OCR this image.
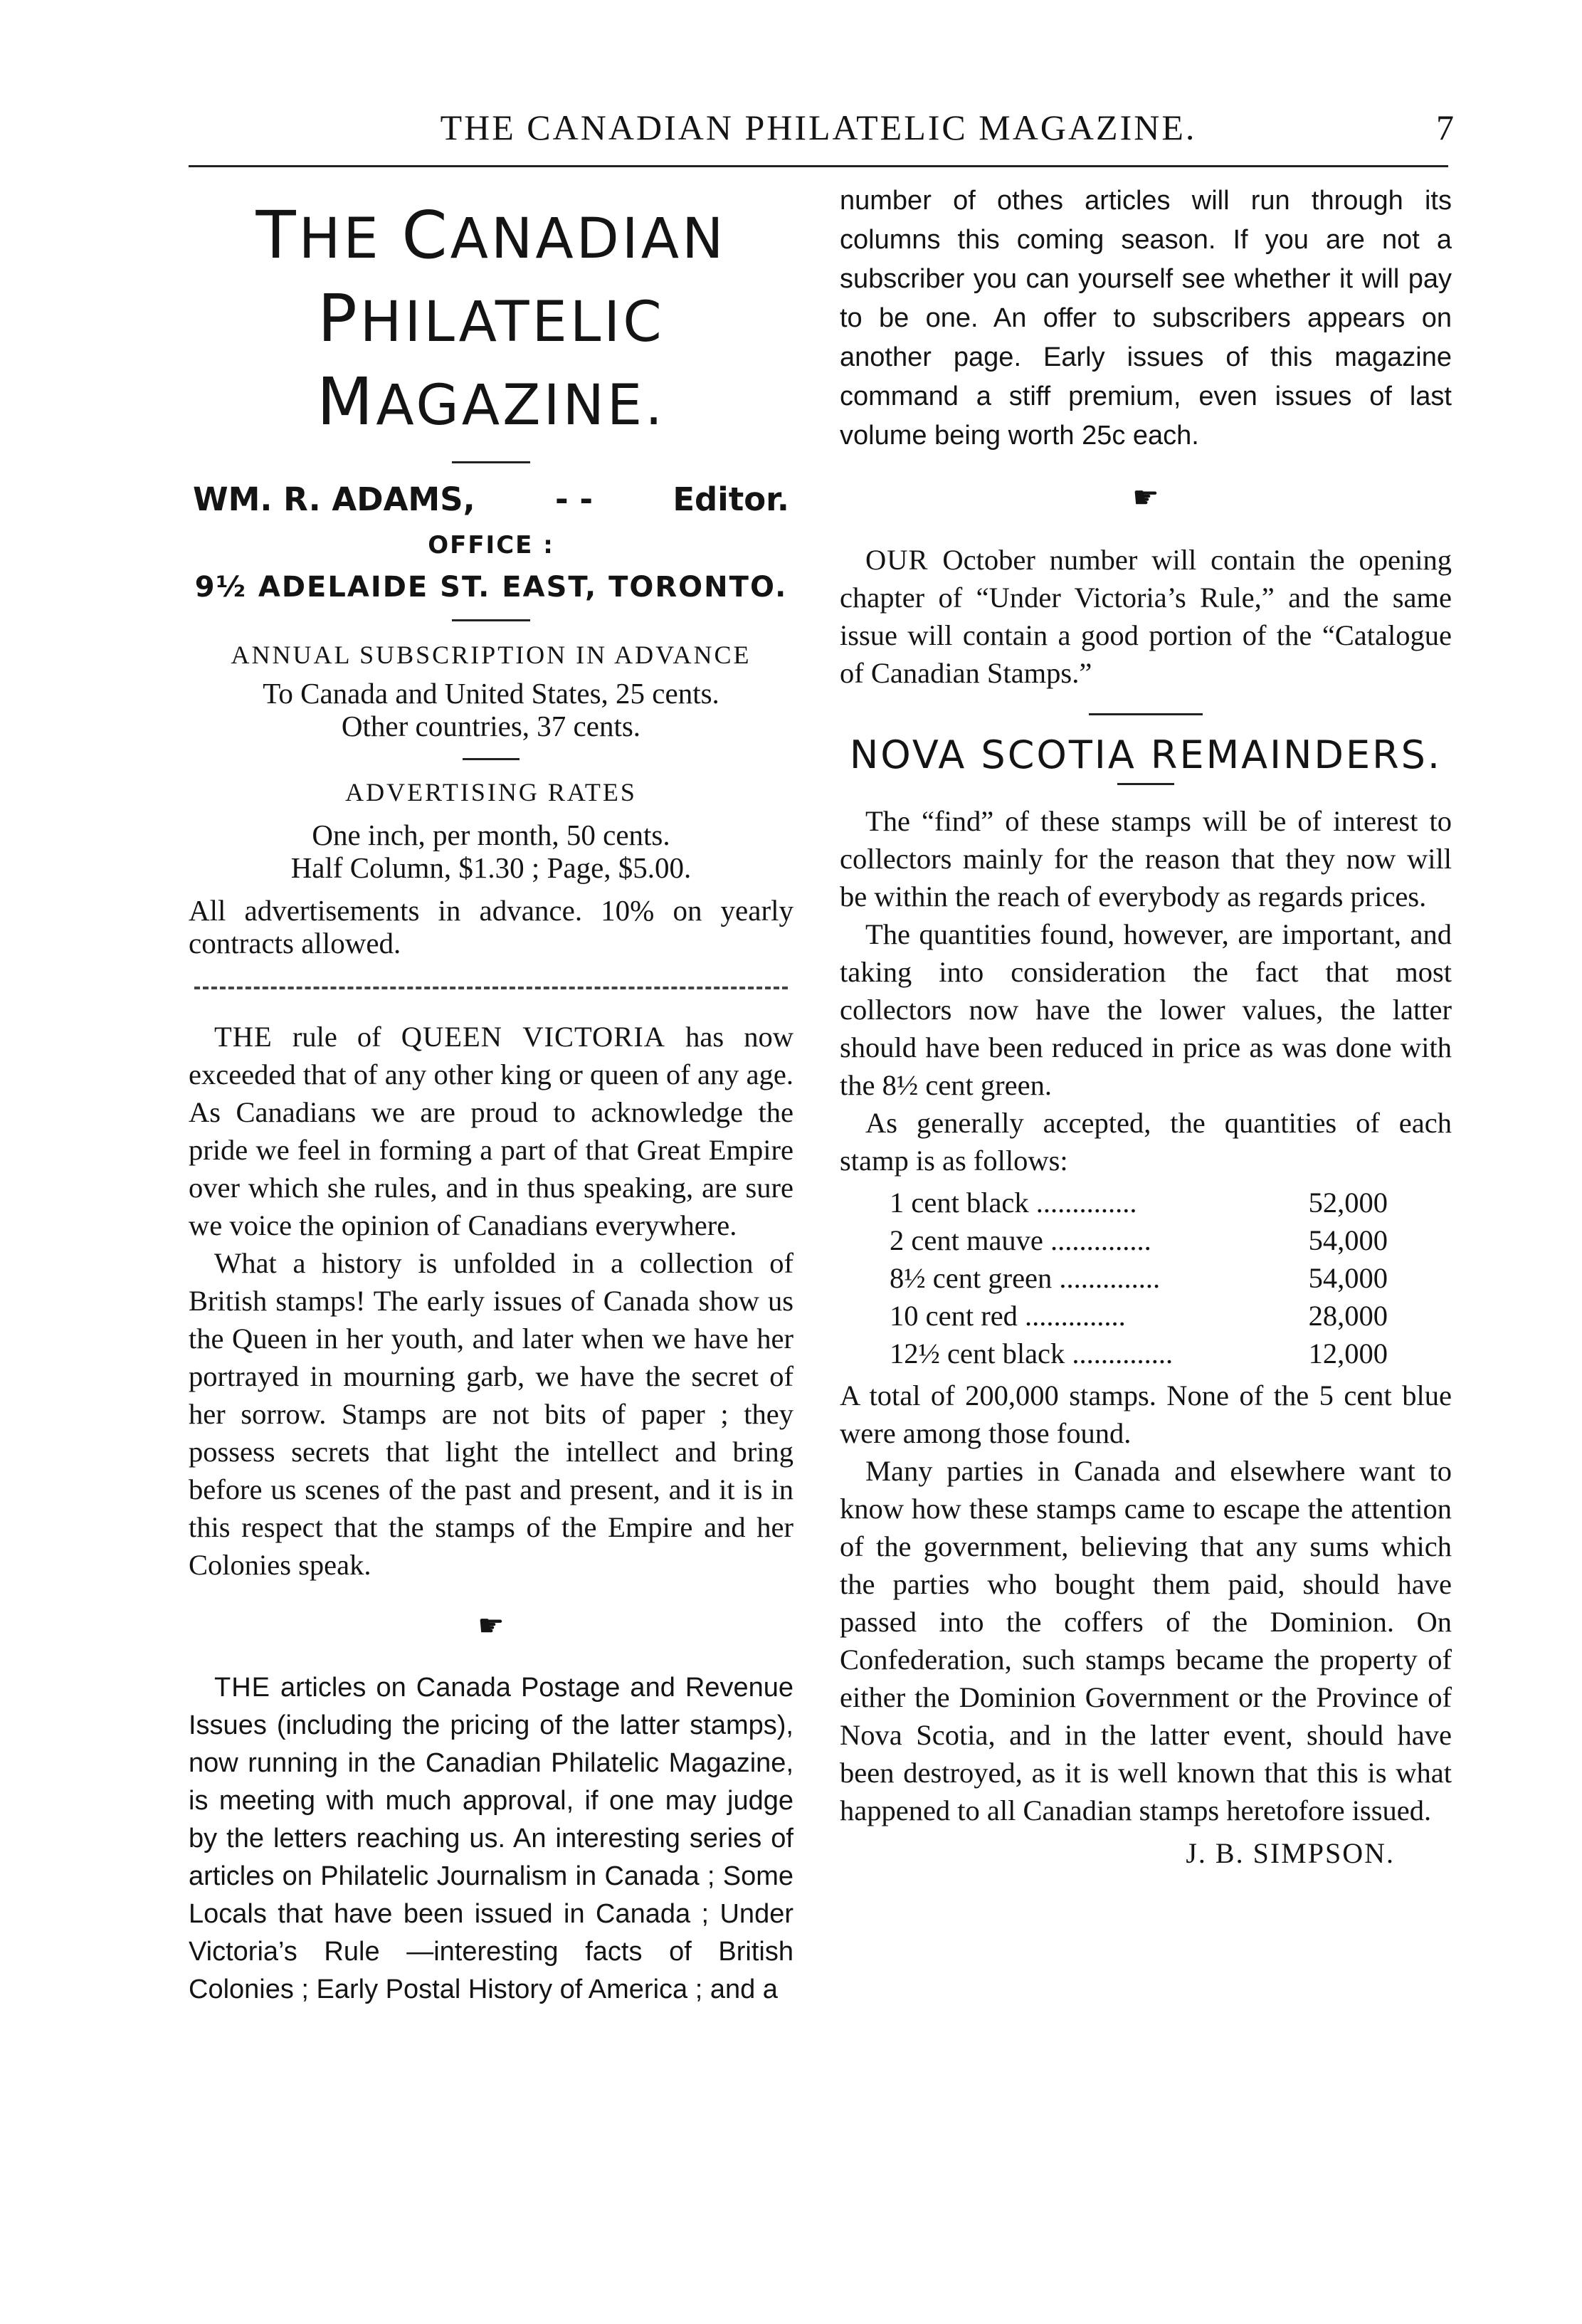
THE CANADIAN PHILATELIC MAGAZINE.	7
THE CANADIAN
PHILATELIC MAGAZINE.
WM. R. ADAMS, - - Editor.
OFFICE :
9½ ADELAIDE ST. EAST, TORONTO.
ANNUAL SUBSCRIPTION IN ADVANCE
To Canada and United States, 25 cents.
Other countries, 37 cents.
ADVERTISING RATES
One inch, per month, 50 cents.
Half Column, $1.30 ; Page, $5.00.
All advertisements in advance. 10% on yearly contracts allowed.

THE rule of QUEEN VICTORIA has now exceeded that of any other king or queen of any age. As Canadians we are proud to acknowledge the pride we feel in forming a part of that Great Empire over which she rules, and in thus speaking, are sure we voice the opinion of Canadians everywhere.

What a history is unfolded in a collection of British stamps! The early issues of Canada show us the Queen in her youth, and later when we have her portrayed in mourning garb, we have the secret of her sorrow. Stamps are not bits of paper ; they possess secrets that light the intellect and bring before us scenes of the past and present, and it is in this respect that the stamps of the Empire and her Colonies speak.

☛

THE articles on Canada Postage and Revenue Issues (including the pricing of the latter stamps), now running in the Canadian Philatelic Magazine, is meeting with much approval, if one may judge by the letters reaching us. An interesting series of articles on Philatelic Journalism in Canada ; Some Locals that have been issued in Canada ; Under Victoria’s Rule —interesting facts of British Colonies ; Early Postal History of America ; and a

number of othes articles will run through its columns this coming season. If you are not a subscriber you can yourself see whether it will pay to be one. An offer to subscribers appears on another page. Early issues of this magazine command a stiff premium, even issues of last volume being worth 25c each.

☛

OUR October number will contain the opening chapter of “Under Victoria’s Rule,” and the same issue will contain a good portion of the “Catalogue of Canadian Stamps.”

NOVA SCOTIA REMAINDERS.

The “find” of these stamps will be of interest to collectors mainly for the reason that they now will be within the reach of everybody as regards prices.

The quantities found, however, are important, and taking into consideration the fact that most collectors now have the lower values, the latter should have been reduced in price as was done with the 8½ cent green.

As generally accepted, the quantities of each stamp is as follows:

1 cent black ..............	52,000
2 cent mauve ..............	54,000
8½ cent green ..............	54,000
10 cent red ..............	28,000
12½ cent black ..............	12,000

A total of 200,000 stamps. None of the 5 cent blue were among those found.

Many parties in Canada and elsewhere want to know how these stamps came to escape the attention of the government, believing that any sums which the parties who bought them paid, should have passed into the coffers of the Dominion. On Confederation, such stamps became the property of either the Dominion Government or the Province of Nova Scotia, and in the latter event, should have been destroyed, as it is well known that this is what happened to all Canadian stamps heretofore issued.

J. B. SIMPSON.
